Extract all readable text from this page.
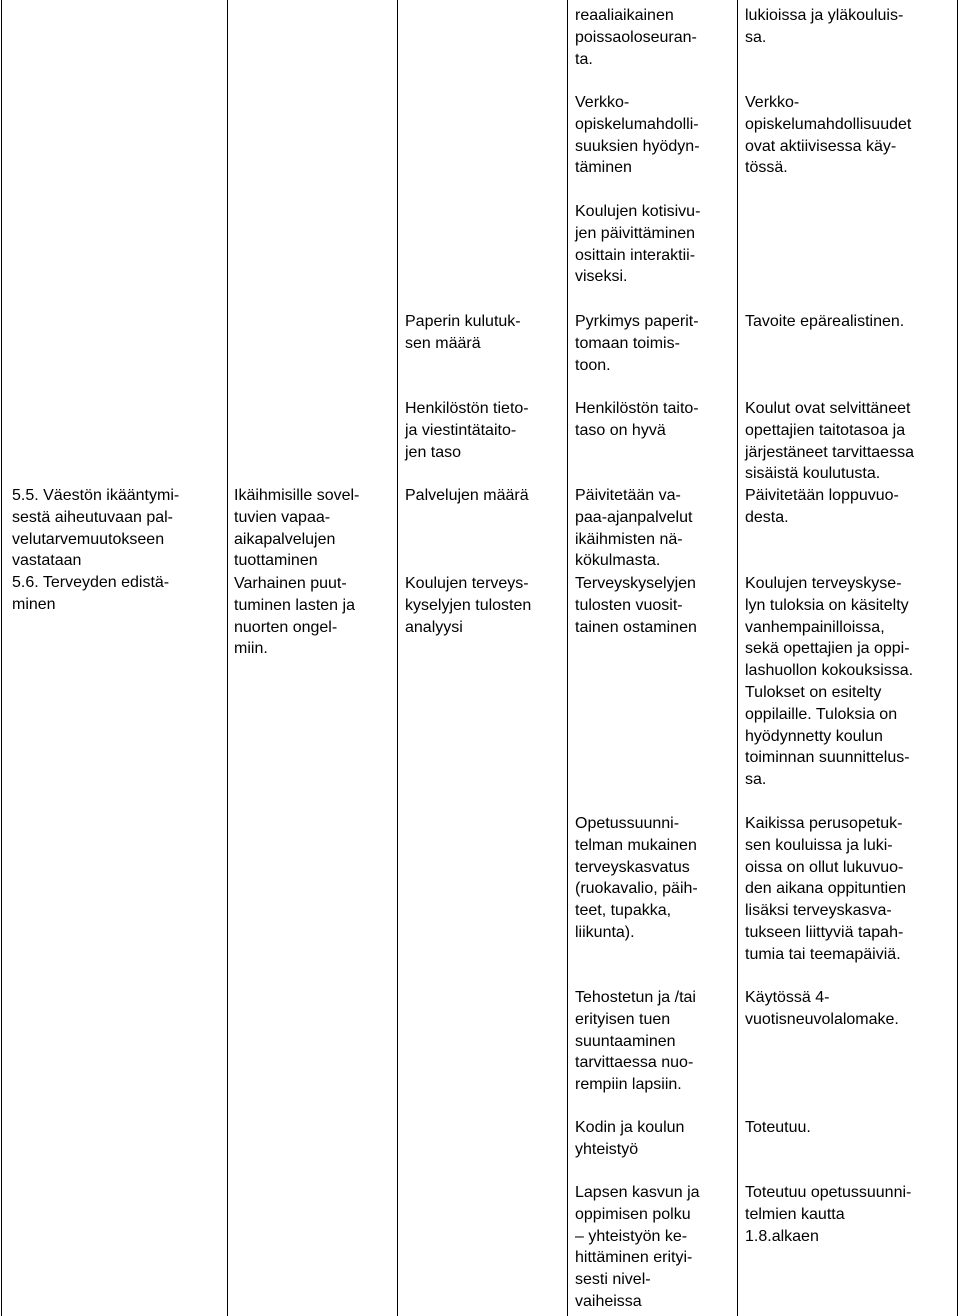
reaaliaikainen
poissaoloseuran-
ta.
lukioissa ja yläkouluis-
sa.
Verkko-
opiskelumahdolli-
suuksien hyödyn-
täminen
Verkko-
opiskelumahdollisuudet
ovat aktiivisessa käy-
tössä.
Koulujen kotisivu-
jen päivittäminen
osittain interaktii-
viseksi.
Paperin kulutuk-
sen määrä
Pyrkimys paperit-
tomaan toimis-
toon.
Tavoite epärealistinen.
Henkilöstön tieto-
ja viestintätaito-
jen taso
Henkilöstön taito-
taso on hyvä
Koulut ovat selvittäneet
opettajien taitotasoa ja
järjestäneet tarvittaessa
sisäistä koulutusta.
5.5. Väestön ikääntymi-
sestä aiheutuvaan pal-
velutarvemuutokseen
vastataan
5.6. Terveyden edistä-
minen
Ikäihmisille sovel-
tuvien vapaa-
aikapalvelujen
tuottaminen
Varhainen puut-
tuminen lasten ja
nuorten ongel-
miin.
Palvelujen määrä	Päivitetään va-
paa-ajanpalvelut
ikäihmisten nä-
kökulmasta.
Päivitetään loppuvuo-
desta.
Koulujen terveys-
kyselyjen tulosten
analyysi
Terveyskyselyjen
tulosten vuosit-
tainen ostaminen
Koulujen terveyskyse-
lyn tuloksia on käsitelty
vanhempainilloissa,
sekä opettajien ja oppi-
lashuollon kokouksissa.
Tulokset on esitelty
oppilaille. Tuloksia on
hyödynnetty koulun
toiminnan suunnittelus-
sa.
Opetussuunni-
telman mukainen
terveyskasvatus
(ruokavalio, päih-
teet, tupakka,
liikunta).
Kaikissa perusopetuk-
sen kouluissa ja luki-
oissa on ollut lukuvuo-
den aikana oppituntien
lisäksi terveyskasva-
tukseen liittyviä tapah-
tumia tai teemapäiviä.
Tehostetun ja /tai
erityisen tuen
suuntaaminen
tarvittaessa nuo-
rempiin lapsiin.
Käytössä 4-
vuotisneuvolalomake.
Kodin ja koulun
yhteistyö
Toteutuu.
Lapsen kasvun ja
oppimisen polku
– yhteistyön ke-
hittäminen erityi-
sesti nivel-
vaiheissa
Toteutuu opetussuunni-
telmien kautta
1.8.alkaen
